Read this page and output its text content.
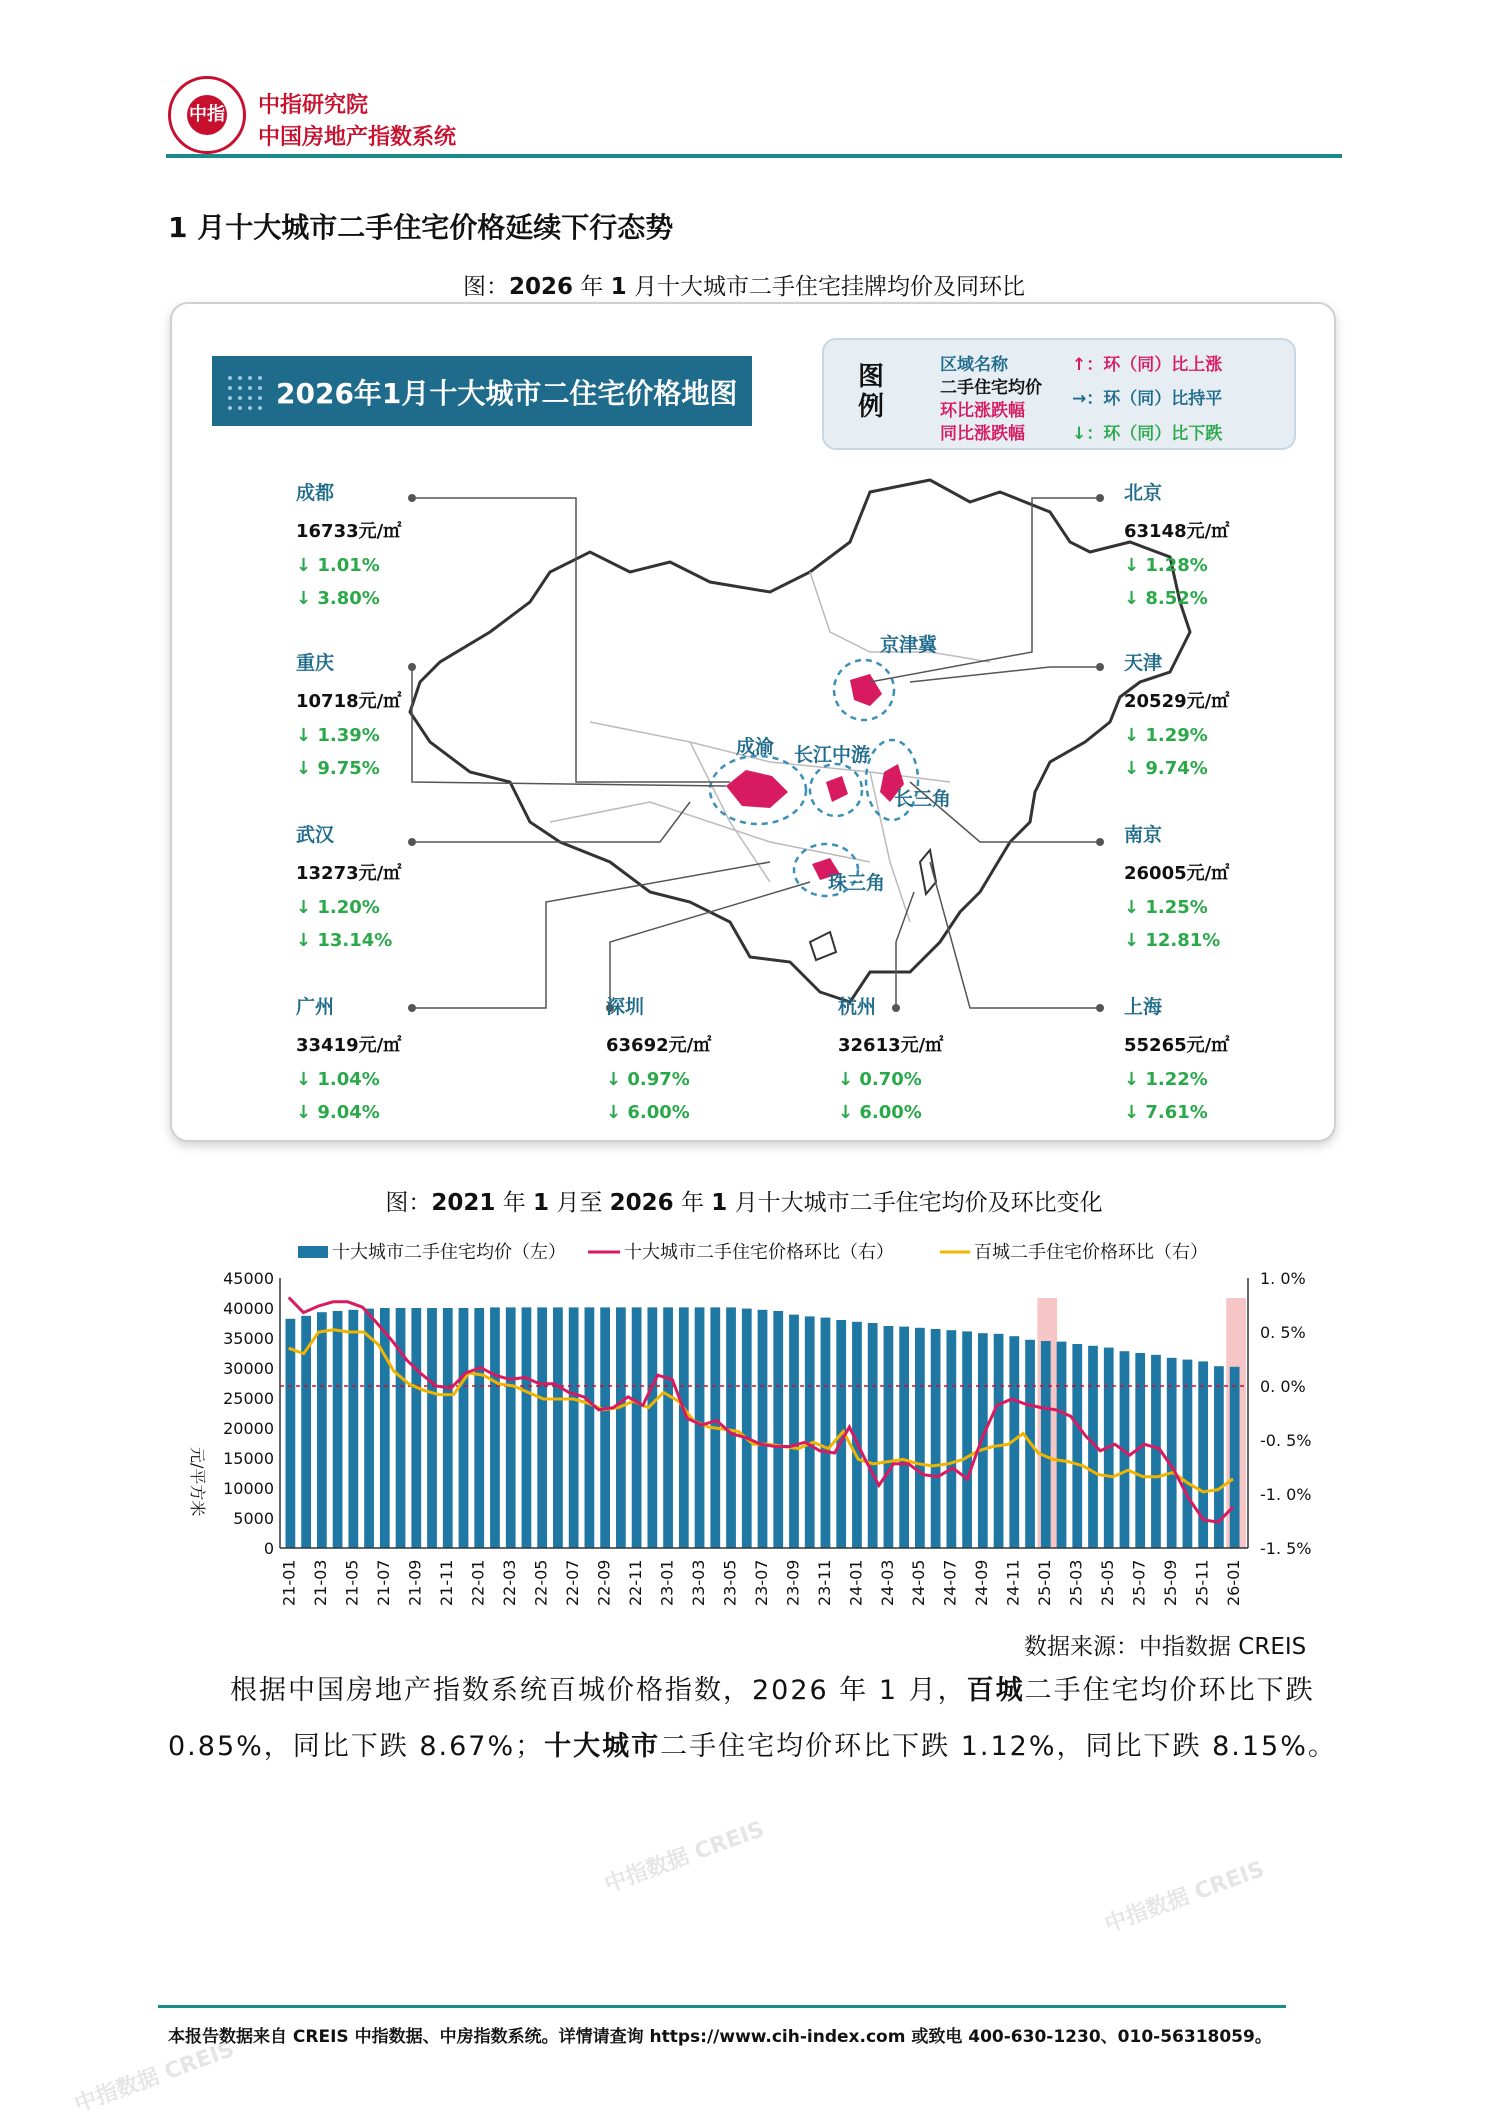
中指 中指研究院
中国房地产指数系统
1 月十大城市二手住宅价格延续下行态势
图：2026 年 1 月十大城市二手住宅挂牌均价及同环比
2026年1月十大城市二住宅价格地图	图例
区域名称
二手住宅均价
环比涨跌幅
同比涨跌幅
↑：环（同）比上涨
→：环（同）比持平
↓：环（同）比下跌
京津冀
成渝 长江中游
长三角
珠三角
成都
16733元/㎡
↓ 1.01%
↓ 3.80%
重庆
10718元/㎡
↓ 1.39%
↓ 9.75%
武汉
13273元/㎡
↓ 1.20%
↓ 13.14%
广州
33419元/㎡
↓ 1.04%
↓ 9.04%
深圳
63692元/㎡
↓ 0.97%
↓ 6.00%
杭州
32613元/㎡
↓ 0.70%
↓ 6.00%
北京
63148元/㎡
↓ 1.28%
↓ 8.52%
天津
20529元/㎡
↓ 1.29%
↓ 9.74%
南京
26005元/㎡
↓ 1.25%
↓ 12.81%
上海
55265元/㎡
↓ 1.22%
↓ 7.61%
图：2021 年 1 月至 2026 年 1 月十大城市二手住宅均价及环比变化
十大城市二手住宅均价（左）	十大城市二手住宅价格环比（右）	百城二手住宅价格环比（右）
45000
40000
35000
30000
25000
20000
15000
10000
5000
0
1. 0%
0. 5%
0. 0%
-0. 5%
-1. 0%
-1. 5%
元/平方米
21-01 21-03 21-05 21-07 21-09 21-11 22-01 22-03 22-05 22-07 22-09 22-11 23-01 23-03 23-05 23-07 23-09 23-11 24-01 24-03 24-05 24-07 24-09 24-11 25-01 25-03 25-05 25-07 25-09 25-11 26-01
数据来源：中指数据 CREIS
根据中国房地产指数系统百城价格指数，2026 年 1 月，百城二手住宅均价环比下跌
0.85%，同比下跌 8.67%；十大城市二手住宅均价环比下跌 1.12%，同比下跌 8.15%。
本报告数据来自 CREIS 中指数据、中房指数系统。详情请查询 https://www.cih-index.com 或致电 400-630-1230、010-56318059。
中指数据 CREIS
中指数据 CREIS
中指数据 CREIS
